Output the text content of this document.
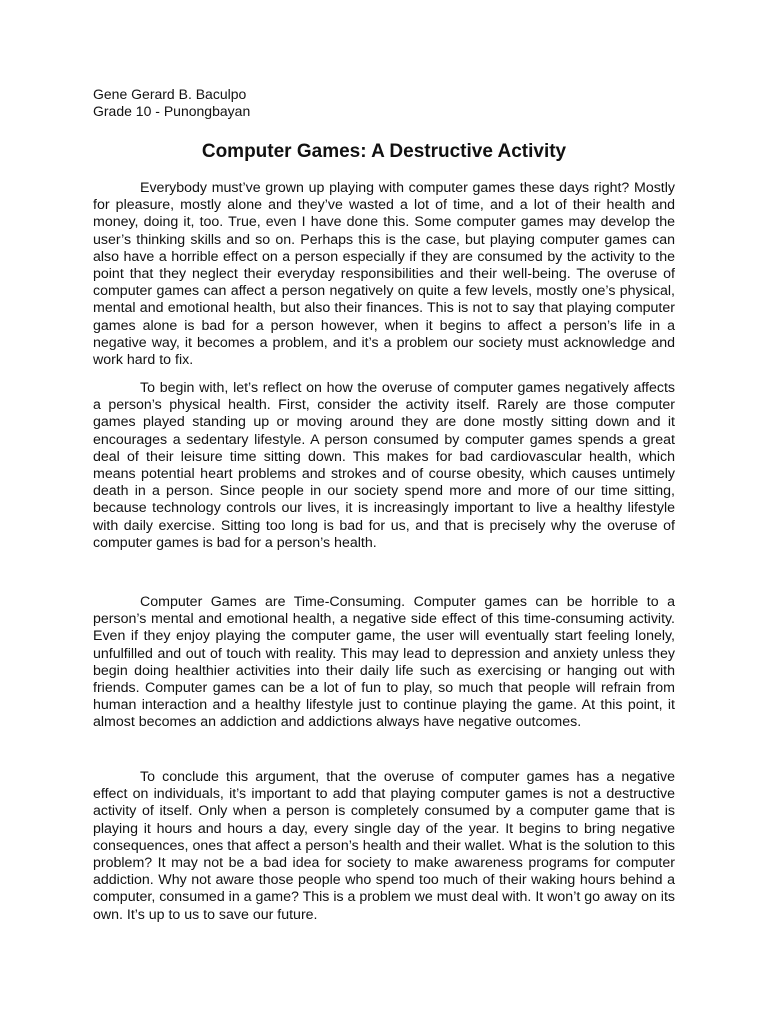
Gene Gerard B. Baculpo
Grade 10 - Punongbayan
Computer Games: A Destructive Activity

Everybody must’ve grown up playing with computer games these days right? Mostly for pleasure, mostly alone and they’ve wasted a lot of time, and a lot of their health and money, doing it, too. True, even I have done this. Some computer games may develop the user’s thinking skills and so on. Perhaps this is the case, but playing computer games can also have a horrible effect on a person especially if they are consumed by the activity to the point that they neglect their everyday responsibilities and their well-being. The overuse of computer games can affect a person negatively on quite a few levels, mostly one’s physical, mental and emotional health, but also their finances. This is not to say that playing computer games alone is bad for a person however, when it begins to affect a person’s life in a negative way, it becomes a problem, and it’s a problem our society must acknowledge and work hard to fix.

To begin with, let’s reflect on how the overuse of computer games negatively affects a person’s physical health. First, consider the activity itself. Rarely are those computer games played standing up or moving around they are done mostly sitting down and it encourages a sedentary lifestyle. A person consumed by computer games spends a great deal of their leisure time sitting down. This makes for bad cardiovascular health, which means potential heart problems and strokes and of course obesity, which causes untimely death in a person. Since people in our society spend more and more of our time sitting, because technology controls our lives, it is increasingly important to live a healthy lifestyle with daily exercise. Sitting too long is bad for us, and that is precisely why the overuse of computer games is bad for a person’s health.

Computer Games are Time-Consuming. Computer games can be horrible to a person’s mental and emotional health, a negative side effect of this time-consuming activity. Even if they enjoy playing the computer game, the user will eventually start feeling lonely, unfulfilled and out of touch with reality. This may lead to depression and anxiety unless they begin doing healthier activities into their daily life such as exercising or hanging out with friends. Computer games can be a lot of fun to play, so much that people will refrain from human interaction and a healthy lifestyle just to continue playing the game. At this point, it almost becomes an addiction and addictions always have negative outcomes.

To conclude this argument, that the overuse of computer games has a negative effect on individuals, it’s important to add that playing computer games is not a destructive activity of itself. Only when a person is completely consumed by a computer game that is playing it hours and hours a day, every single day of the year. It begins to bring negative consequences, ones that affect a person’s health and their wallet. What is the solution to this problem? It may not be a bad idea for society to make awareness programs for computer addiction. Why not aware those people who spend too much of their waking hours behind a computer, consumed in a game? This is a problem we must deal with. It won’t go away on its own. It’s up to us to save our future.
